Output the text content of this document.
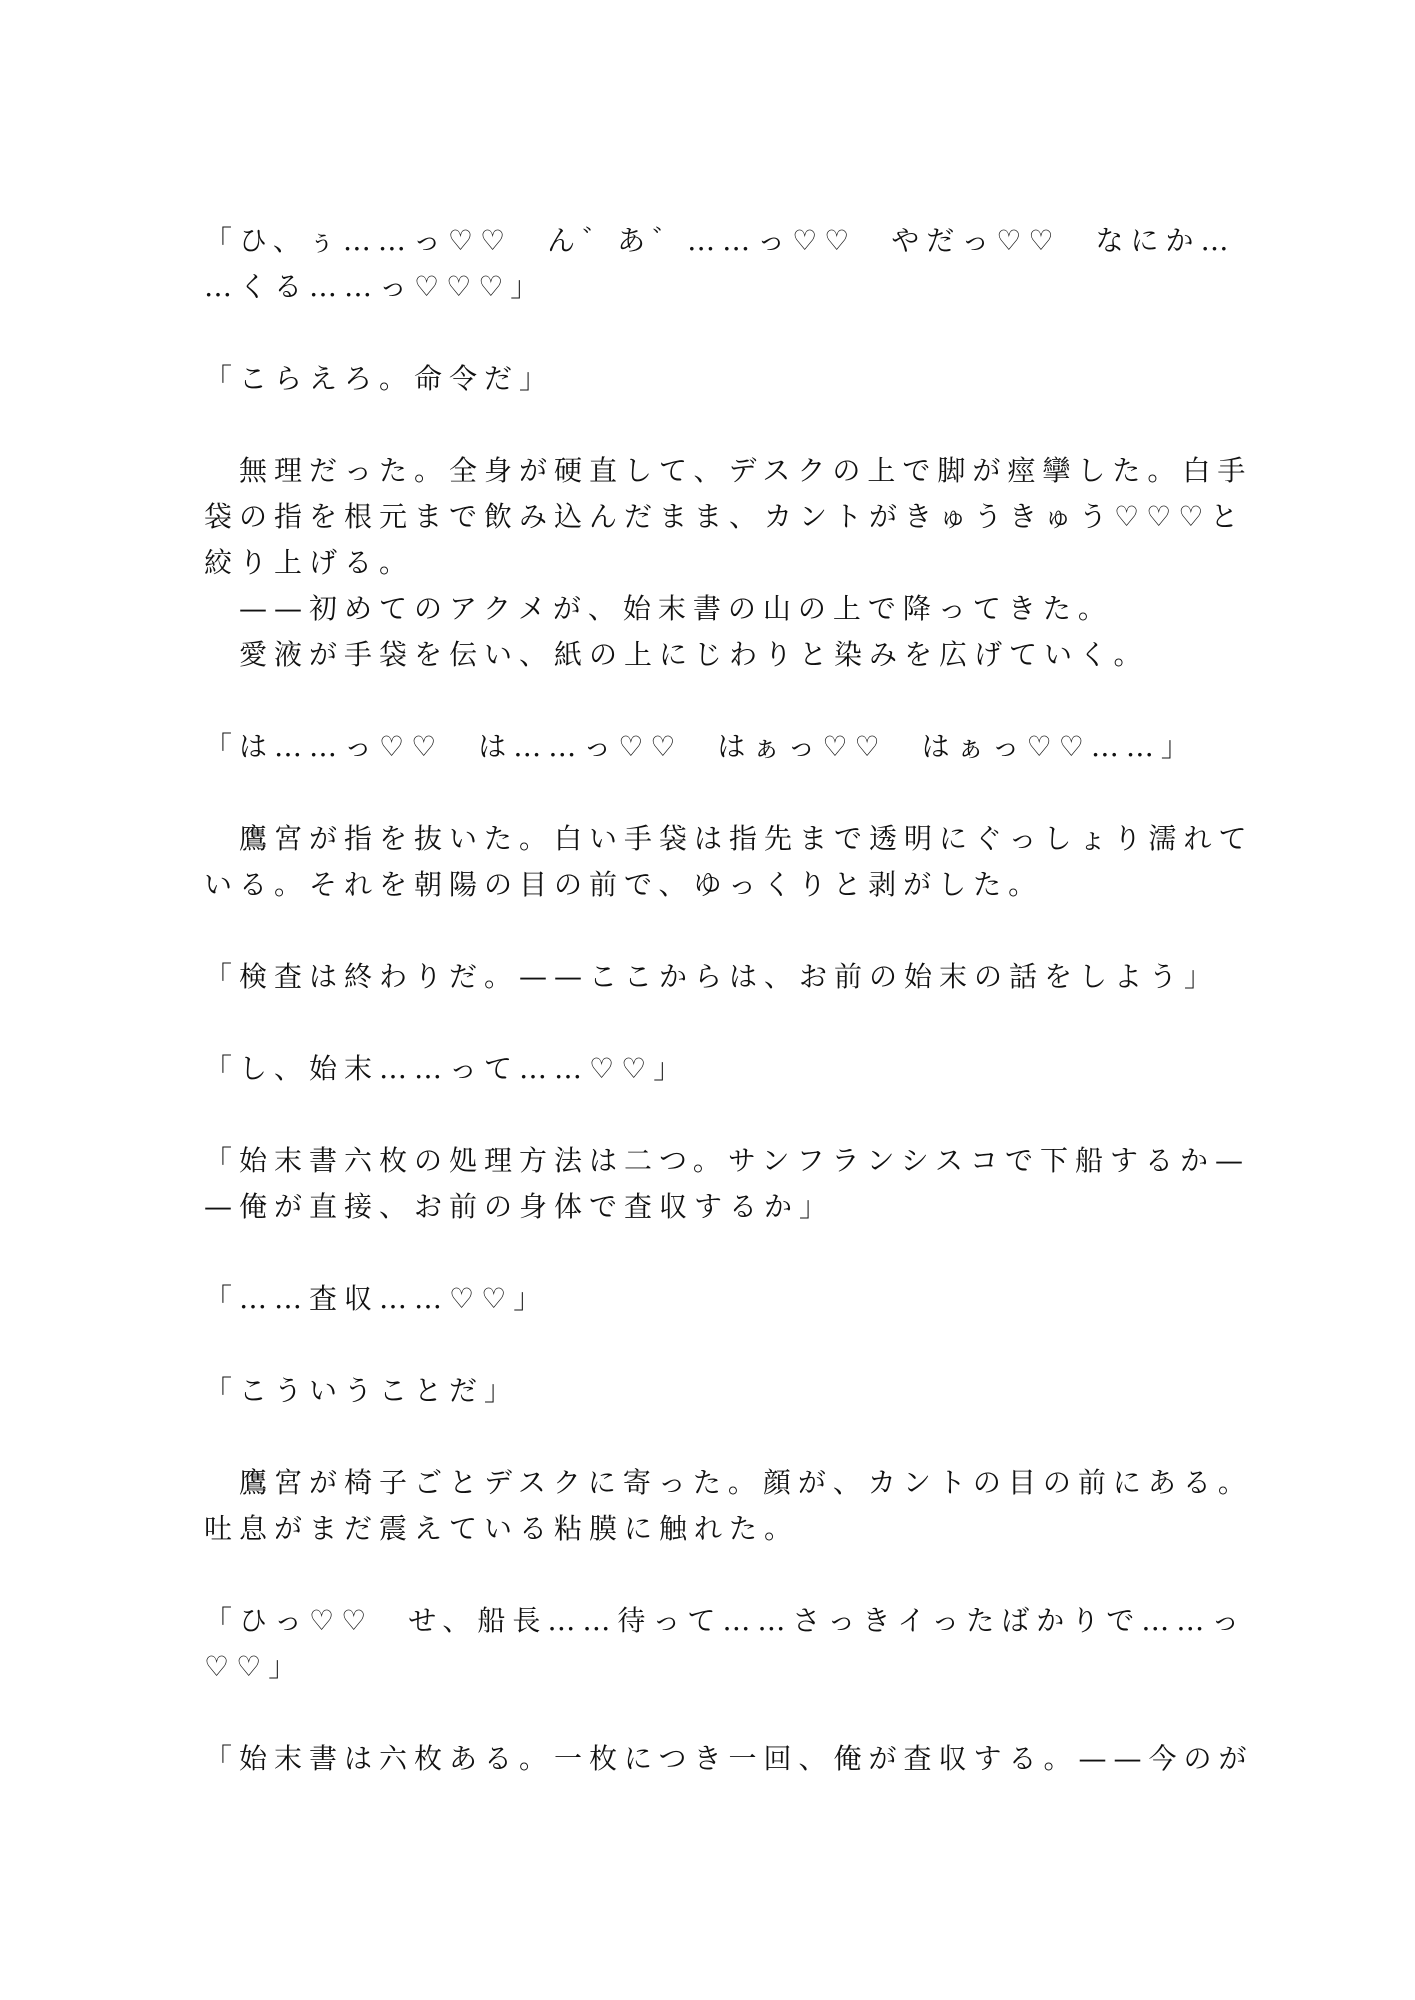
「ひ、ぅ……っ♡♡　ん゛あ゛……っ♡♡　やだっ♡♡　なにか…
…くる……っ♡♡♡」
「こらえろ。命令だ」
　無理だった。全身が硬直して、デスクの上で脚が痙攣した。白手
袋の指を根元まで飲み込んだまま、カントがきゅうきゅう♡♡♡と
絞り上げる。
　——初めてのアクメが、始末書の山の上で降ってきた。
　愛液が手袋を伝い、紙の上にじわりと染みを広げていく。
「は……っ♡♡　は……っ♡♡　はぁっ♡♡　はぁっ♡♡……」
　鷹宮が指を抜いた。白い手袋は指先まで透明にぐっしょり濡れて
いる。それを朝陽の目の前で、ゆっくりと剥がした。
「検査は終わりだ。——ここからは、お前の始末の話をしよう」
「し、始末……って……♡♡」
「始末書六枚の処理方法は二つ。サンフランシスコで下船するか—
—俺が直接、お前の身体で査収するか」
「……査収……♡♡」
「こういうことだ」
　鷹宮が椅子ごとデスクに寄った。顔が、カントの目の前にある。
吐息がまだ震えている粘膜に触れた。
「ひっ♡♡　せ、船長……待って……さっきイったばかりで……っ
♡♡」
「始末書は六枚ある。一枚につき一回、俺が査収する。——今のが
